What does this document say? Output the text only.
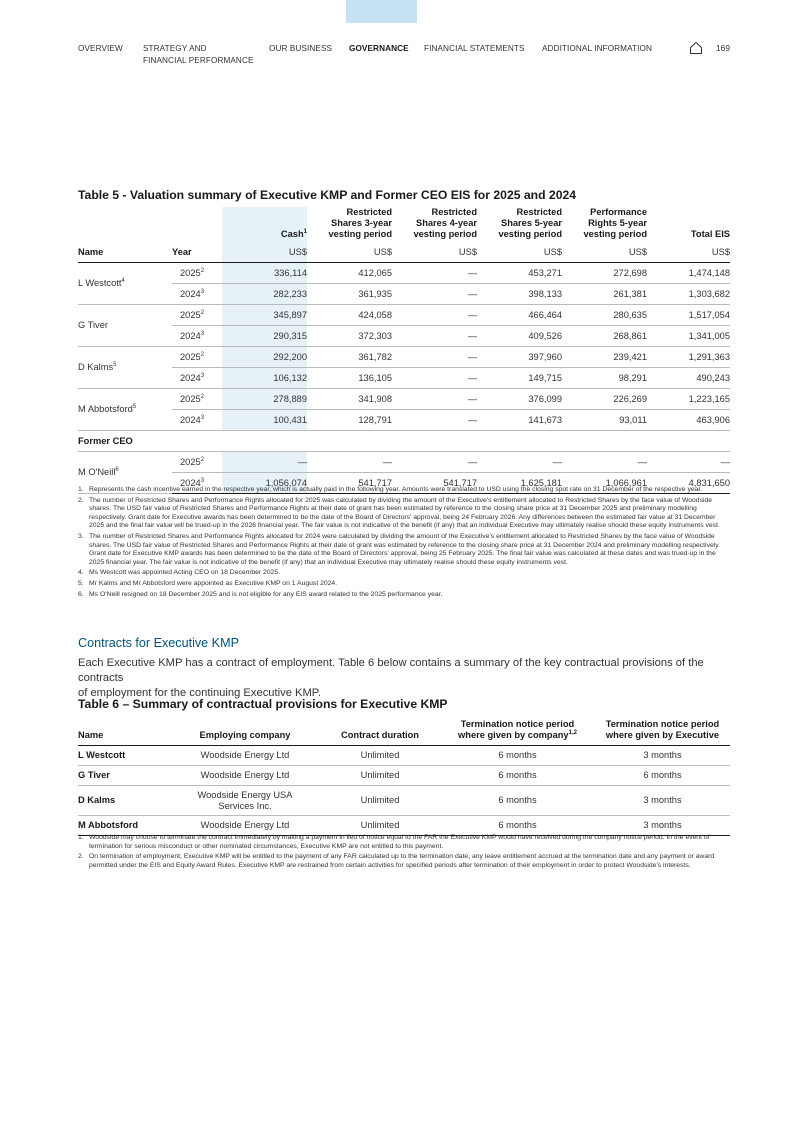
OVERVIEW STRATEGY AND
FINANCIAL PERFORMANCE
OUR BUSINESS GOVERNANCE FINANCIAL STATEMENTS ADDITIONAL INFORMATION	169
Table 5 - Valuation summary of Executive KMP and Former CEO EIS for 2025 and 2024
		Cash$^1$	Restricted
Shares 3-year
vesting period	Restricted
Shares 4-year
vesting period	Restricted
Shares 5-year
vesting period	Performance
Rights 5-year
vesting period	Total EIS
Name	Year	US$	US$	US$	US$	US$	US$
L Westcott$^4$	2025$^2$	336,114	412,065	—	453,271	272,698	1,474,148
	2024$^3$	282,233	361,935	—	398,133	261,381	1,303,682
G Tiver	2025$^2$	345,897	424,058	—	466,464	280,635	1,517,054
	2024$^3$	290,315	372,303	—	409,526	268,861	1,341,005
D Kalms$^5$	2025$^2$	292,200	361,782	—	397,960	239,421	1,291,363
	2024$^3$	106,132	136,105	—	149,715	98,291	490,243
M Abbotsford$^5$	2025$^2$	278,889	341,908	—	376,099	226,269	1,223,165
	2024$^3$	100,431	128,791	—	141,673	93,011	463,906
Former CEO							
M O'Neill$^6$	2025$^2$	—	—	—	—	—	—
	2024$^3$	1,056,074	541,717	541,717	1,625,181	1,066,961	4,831,650
1. Represents the cash incentive earned in the respective year, which is actually paid in the following year. Amounts were translated to USD using the closing spot rate on 31 December of the respective year.
2. The number of Restricted Shares and Performance Rights allocated for 2025 was calculated by dividing the amount of the Executive's entitlement allocated to Restricted Shares by the face value of Woodside shares. The USD fair value of Restricted Shares and Performance Rights at their date of grant has been estimated by reference to the closing share price at 31 December 2025 and preliminary modelling respectively. Grant date for Executive awards has been determined to be the date of the Board of Directors' approval, being 24 February 2026. Any differences between the estimated fair value at 31 December 2025 and the final fair value will be trued-up in the 2026 financial year. The fair value is not indicative of the benefit (if any) that an individual Executive may ultimately realise should these equity instruments vest.
3. The number of Restricted Shares and Performance Rights allocated for 2024 were calculated by dividing the amount of the Executive's entitlement allocated to Restricted Shares by the face value of Woodside shares. The USD fair value of Restricted Shares and Performance Rights at their date of grant was estimated by reference to the closing share price at 31 December 2024 and preliminary modelling respectively. Grant date for Executive KMP awards has been determined to be the date of the Board of Directors' approval, being 25 February 2025. The final fair value was calculated at these dates and was trued-up in the 2025 financial year. The fair value is not indicative of the benefit (if any) that an individual Executive may ultimately realise should these equity instruments vest.
4. Ms Westcott was appointed Acting CEO on 18 December 2025.
5. Mr Kalms and Mr Abbotsford were appointed as Executive KMP on 1 August 2024.
6. Ms O'Neill resigned on 18 December 2025 and is not eligible for any EIS award related to the 2025 performance year.
Contracts for Executive KMP

Each Executive KMP has a contract of employment. Table 6 below contains a summary of the key contractual provisions of the contracts
of employment for the continuing Executive KMP.

Table 6 – Summary of contractual provisions for Executive KMP
Name	Employing company	Contract duration	Termination notice period
where given by company$^{1,2}$	Termination notice period
where given by Executive
L Westcott	Woodside Energy Ltd	Unlimited	6 months	3 months
G Tiver	Woodside Energy Ltd	Unlimited	6 months	6 months
D Kalms	Woodside Energy USA
Services Inc.	Unlimited	6 months	3 months
M Abbotsford	Woodside Energy Ltd	Unlimited	6 months	3 months
1. Woodside may choose to terminate the contract immediately by making a payment in lieu of notice equal to the FAR the Executive KMP would have received during the company notice period. In the event of termination for serious misconduct or other nominated circumstances, Executive KMP are not entitled to this payment.
2. On termination of employment, Executive KMP will be entitled to the payment of any FAR calculated up to the termination date, any leave entitlement accrued at the termination date and any payment or award permitted under the EIS and Equity Award Rules. Executive KMP are restrained from certain activities for specified periods after termination of their employment in order to protect Woodside's interests.
